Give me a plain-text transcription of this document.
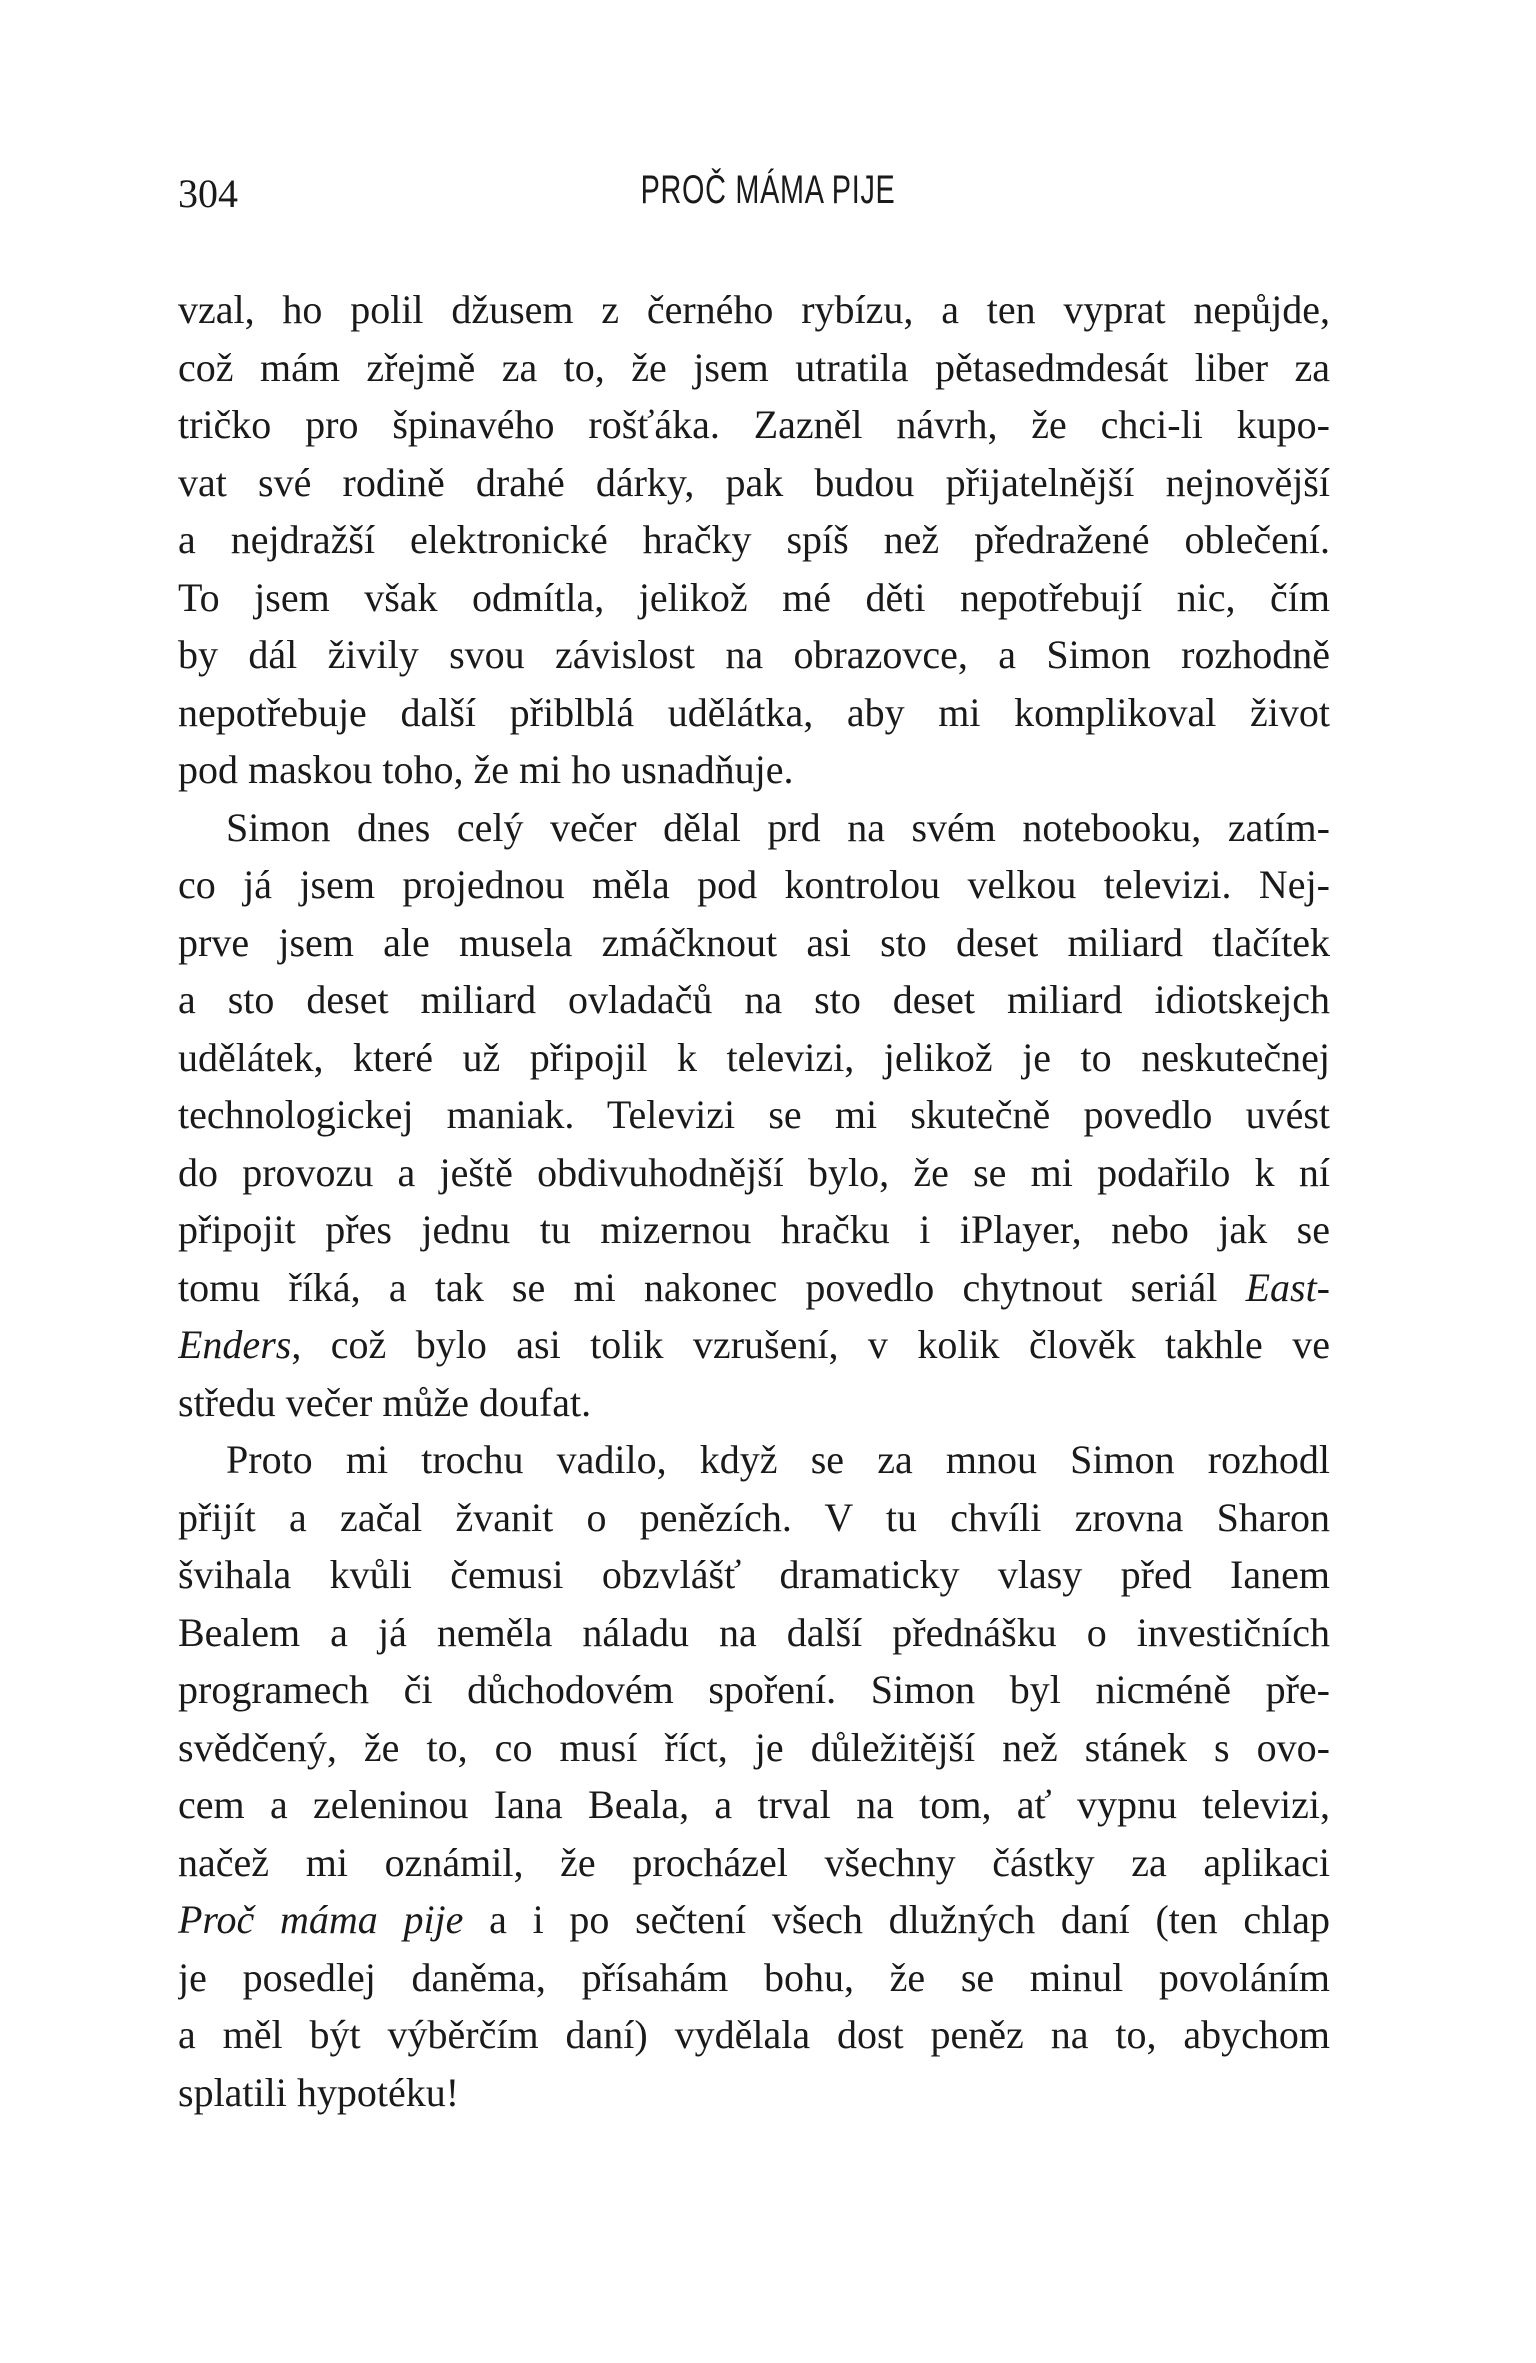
304	PROČ MÁMA PIJE
vzal, ho polil džusem z černého rybízu, a ten vyprat nepůjde,
což mám zřejmě za to, že jsem utratila pětasedmdesát liber za
tričko pro špinavého rošťáka. Zazněl návrh, že chci-li kupo-
vat své rodině drahé dárky, pak budou přijatelnější nejnovější
a nejdražší elektronické hračky spíš než předražené oblečení.
To jsem však odmítla, jelikož mé děti nepotřebují nic, čím
by dál živily svou závislost na obrazovce, a Simon rozhodně
nepotřebuje další přiblblá udělátka, aby mi komplikoval život
pod maskou toho, že mi ho usnadňuje.
Simon dnes celý večer dělal prd na svém notebooku, zatím-
co já jsem projednou měla pod kontrolou velkou televizi. Nej-
prve jsem ale musela zmáčknout asi sto deset miliard tlačítek
a sto deset miliard ovladačů na sto deset miliard idiotskejch
udělátek, které už připojil k televizi, jelikož je to neskutečnej
technologickej maniak. Televizi se mi skutečně povedlo uvést
do provozu a ještě obdivuhodnější bylo, že se mi podařilo k ní
připojit přes jednu tu mizernou hračku i iPlayer, nebo jak se
tomu říká, a tak se mi nakonec povedlo chytnout seriál East-
Enders, což bylo asi tolik vzrušení, v kolik člověk takhle ve
středu večer může doufat.
Proto mi trochu vadilo, když se za mnou Simon rozhodl
přijít a začal žvanit o penězích. V tu chvíli zrovna Sharon
švihala kvůli čemusi obzvlášť dramaticky vlasy před Ianem
Bealem a já neměla náladu na další přednášku o investičních
programech či důchodovém spoření. Simon byl nicméně pře-
svědčený, že to, co musí říct, je důležitější než stánek s ovo-
cem a zeleninou Iana Beala, a trval na tom, ať vypnu televizi,
načež mi oznámil, že procházel všechny částky za aplikaci
Proč máma pije a i po sečtení všech dlužných daní (ten chlap
je posedlej daněma, přísahám bohu, že se minul povoláním
a měl být výběrčím daní) vydělala dost peněz na to, abychom
splatili hypotéku!
